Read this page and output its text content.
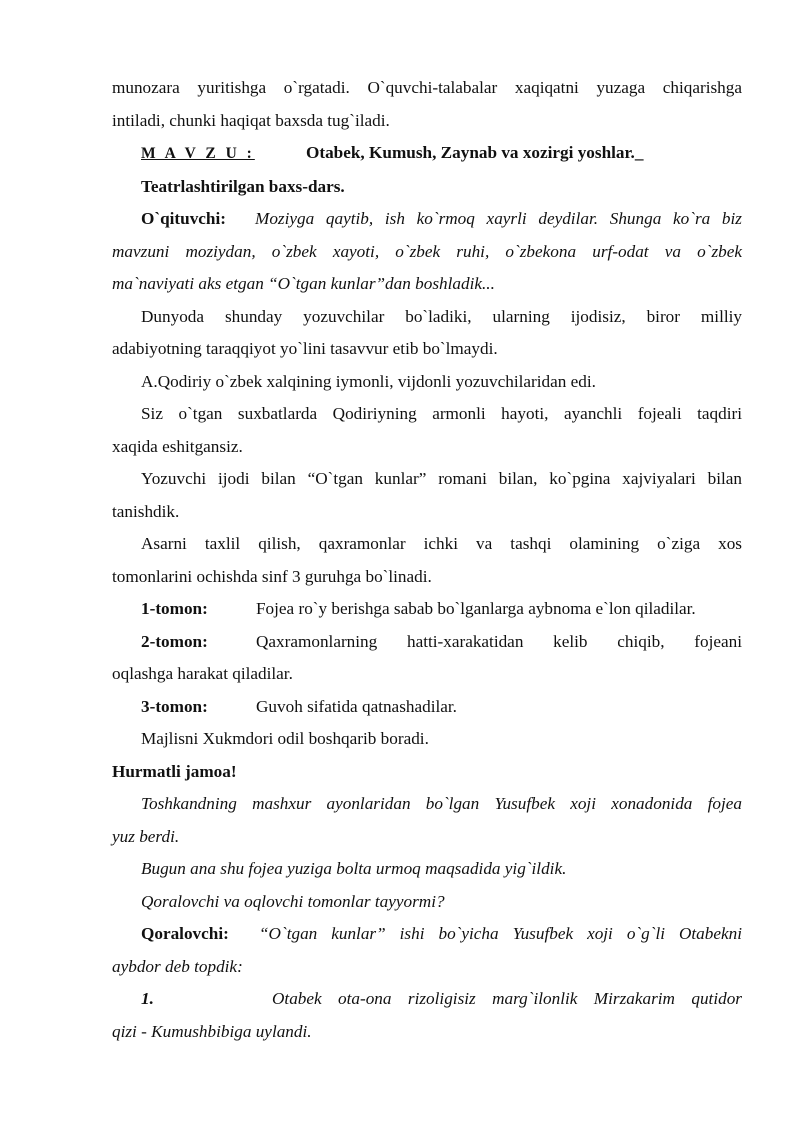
munozara yuritishga o`rgatadi. O`quvchi-talabalar xaqiqatni yuzaga chiqarishga

intiladi, chunki haqiqat baxsda tug`iladi.

M A V Z U :	Otabek, Kumush, Zaynab va xozirgi yoshlar._

Teatrlashtirilgan baxs-dars.

O`qituvchi:	Moziyga qaytib, ish ko`rmoq xayrli deydilar. Shunga ko`ra biz

mavzuni moziydan, o`zbek xayoti, o`zbek ruhi, o`zbekona urf-odat va o`zbek

ma`naviyati aks etgan “O`tgan kunlar”dan boshladik...

Dunyoda shunday yozuvchilar bo`ladiki, ularning ijodisiz, biror milliy

adabiyotning taraqqiyot yo`lini tasavvur etib bo`lmaydi.

A.Qodiriy o`zbek xalqining iymonli, vijdonli yozuvchilaridan edi.

Siz o`tgan suxbatlarda Qodiriyning armonli hayoti, ayanchli fojeali taqdiri

xaqida eshitgansiz.

Yozuvchi ijodi bilan “O`tgan kunlar” romani bilan, ko`pgina xajviyalari bilan

tanishdik.

Asarni taxlil qilish, qaxramonlar ichki va tashqi olamining o`ziga xos

tomonlarini ochishda sinf 3 guruhga bo`linadi.

1-tomon:	Fojea ro`y berishga sabab bo`lganlarga aybnoma e`lon qiladilar.
2-tomon:	Qaxramonlarning hatti-xarakatidan kelib chiqib, fojeani

oqlashga harakat qiladilar.

3-tomon:	Guvoh sifatida qatnashadilar.

Majlisni Xukmdori odil boshqarib boradi.

Hurmatli jamoa!

Toshkandning mashxur ayonlaridan bo`lgan Yusufbek xoji xonadonida fojea

yuz berdi.

Bugun ana shu fojea yuziga bolta urmoq maqsadida yig`ildik.

Qoralovchi va oqlovchi tomonlar tayyormi?

Qoralovchi:	“O`tgan kunlar” ishi bo`yicha Yusufbek xoji o`g`li Otabekni

aybdor deb topdik:

1.	Otabek ota-ona rizoligisiz marg`ilonlik Mirzakarim qutidor

qizi - Kumushbibiga uylandi.
